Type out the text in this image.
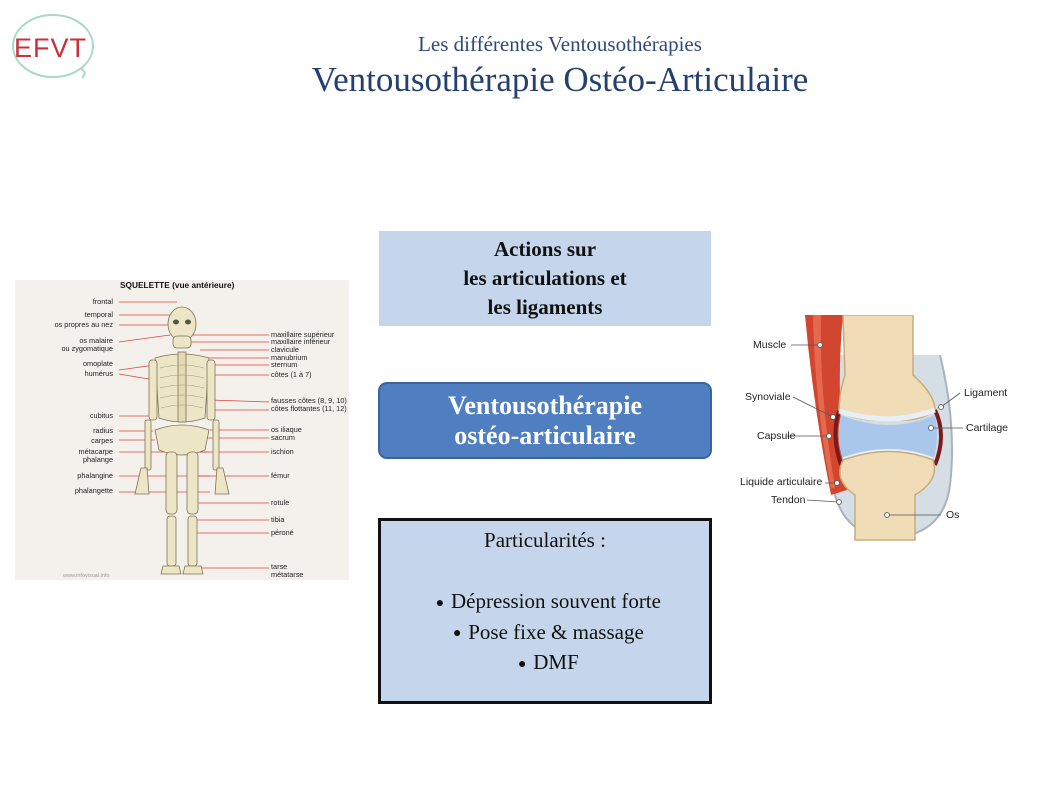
EFVT	Les différentes Ventousothérapies
Ventousothérapie Ostéo-Articulaire
SQUELETTE (vue antérieure)
frontal
temporal
os propres au nez
os malaire
ou zygomatique
omoplate
humérus
cubitus
radius
carpes
métacarpe
phalange
phalangine
phalangette
maxillaire supérieur
maxillaire inférieur
clavicule
manubrium
sternum
côtes (1 à 7)
fausses côtes (8, 9, 10)
côtes flottantes (11, 12)
os iliaque
sacrum
ischion
fémur
rotule
tibia
péroné
tarse
métatarse
www.infovisual.info
Actions sur
les articulations et
les ligaments
Ventousothérapie
ostéo-articulaire
Particularités :
● Dépression souvent forte
● Pose fixe & massage
● DMF
Muscle
Synoviale
Capsule
Liquide articulaire
Tendon
Ligament
Cartilage
Os
